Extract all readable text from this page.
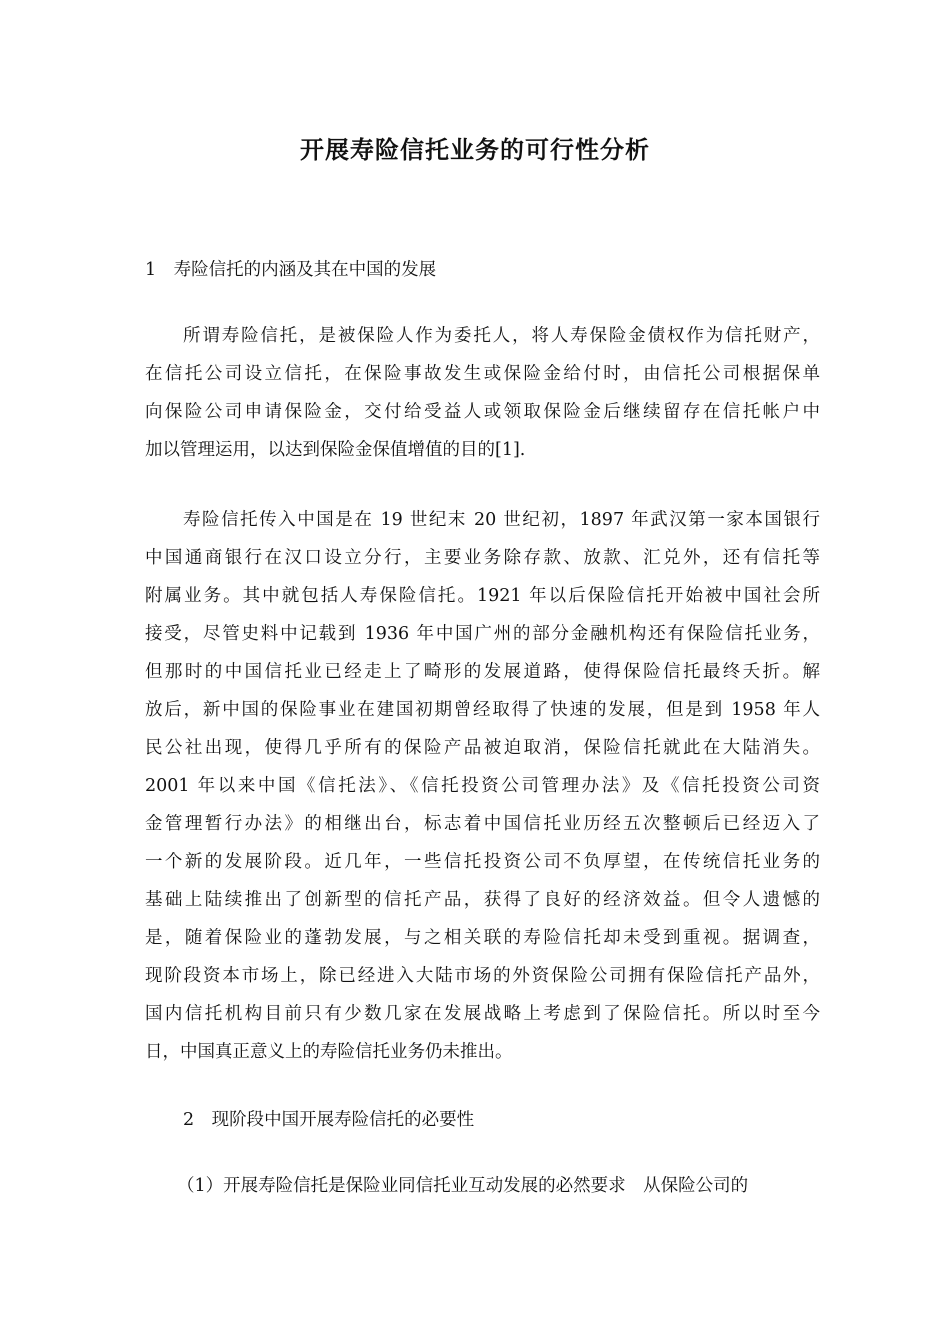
开展寿险信托业务的可行性分析
1　寿险信托的内涵及其在中国的发展
所谓寿险信托，是被保险人作为委托人，将人寿保险金债权作为信托财产，
在信托公司设立信托，在保险事故发生或保险金给付时，由信托公司根据保单
向保险公司申请保险金，交付给受益人或领取保险金后继续留存在信托帐户中
加以管理运用，以达到保险金保值增值的目的[1].
寿险信托传入中国是在 19 世纪末 20 世纪初，1897 年武汉第一家本国银行
中国通商银行在汉口设立分行，主要业务除存款、放款、汇兑外，还有信托等
附属业务。其中就包括人寿保险信托。1921 年以后保险信托开始被中国社会所
接受，尽管史料中记载到 1936 年中国广州的部分金融机构还有保险信托业务，
但那时的中国信托业已经走上了畸形的发展道路，使得保险信托最终夭折。解
放后，新中国的保险事业在建国初期曾经取得了快速的发展，但是到 1958 年人
民公社出现，使得几乎所有的保险产品被迫取消，保险信托就此在大陆消失。
2001 年以来中国《信托法》、《信托投资公司管理办法》及《信托投资公司资
金管理暂行办法》的相继出台，标志着中国信托业历经五次整顿后已经迈入了
一个新的发展阶段。近几年，一些信托投资公司不负厚望，在传统信托业务的
基础上陆续推出了创新型的信托产品，获得了良好的经济效益。但令人遗憾的
是，随着保险业的蓬勃发展，与之相关联的寿险信托却未受到重视。据调查，
现阶段资本市场上，除已经进入大陆市场的外资保险公司拥有保险信托产品外，
国内信托机构目前只有少数几家在发展战略上考虑到了保险信托。所以时至今
日，中国真正意义上的寿险信托业务仍未推出。
2　现阶段中国开展寿险信托的必要性
（1）开展寿险信托是保险业同信托业互动发展的必然要求　从保险公司的
